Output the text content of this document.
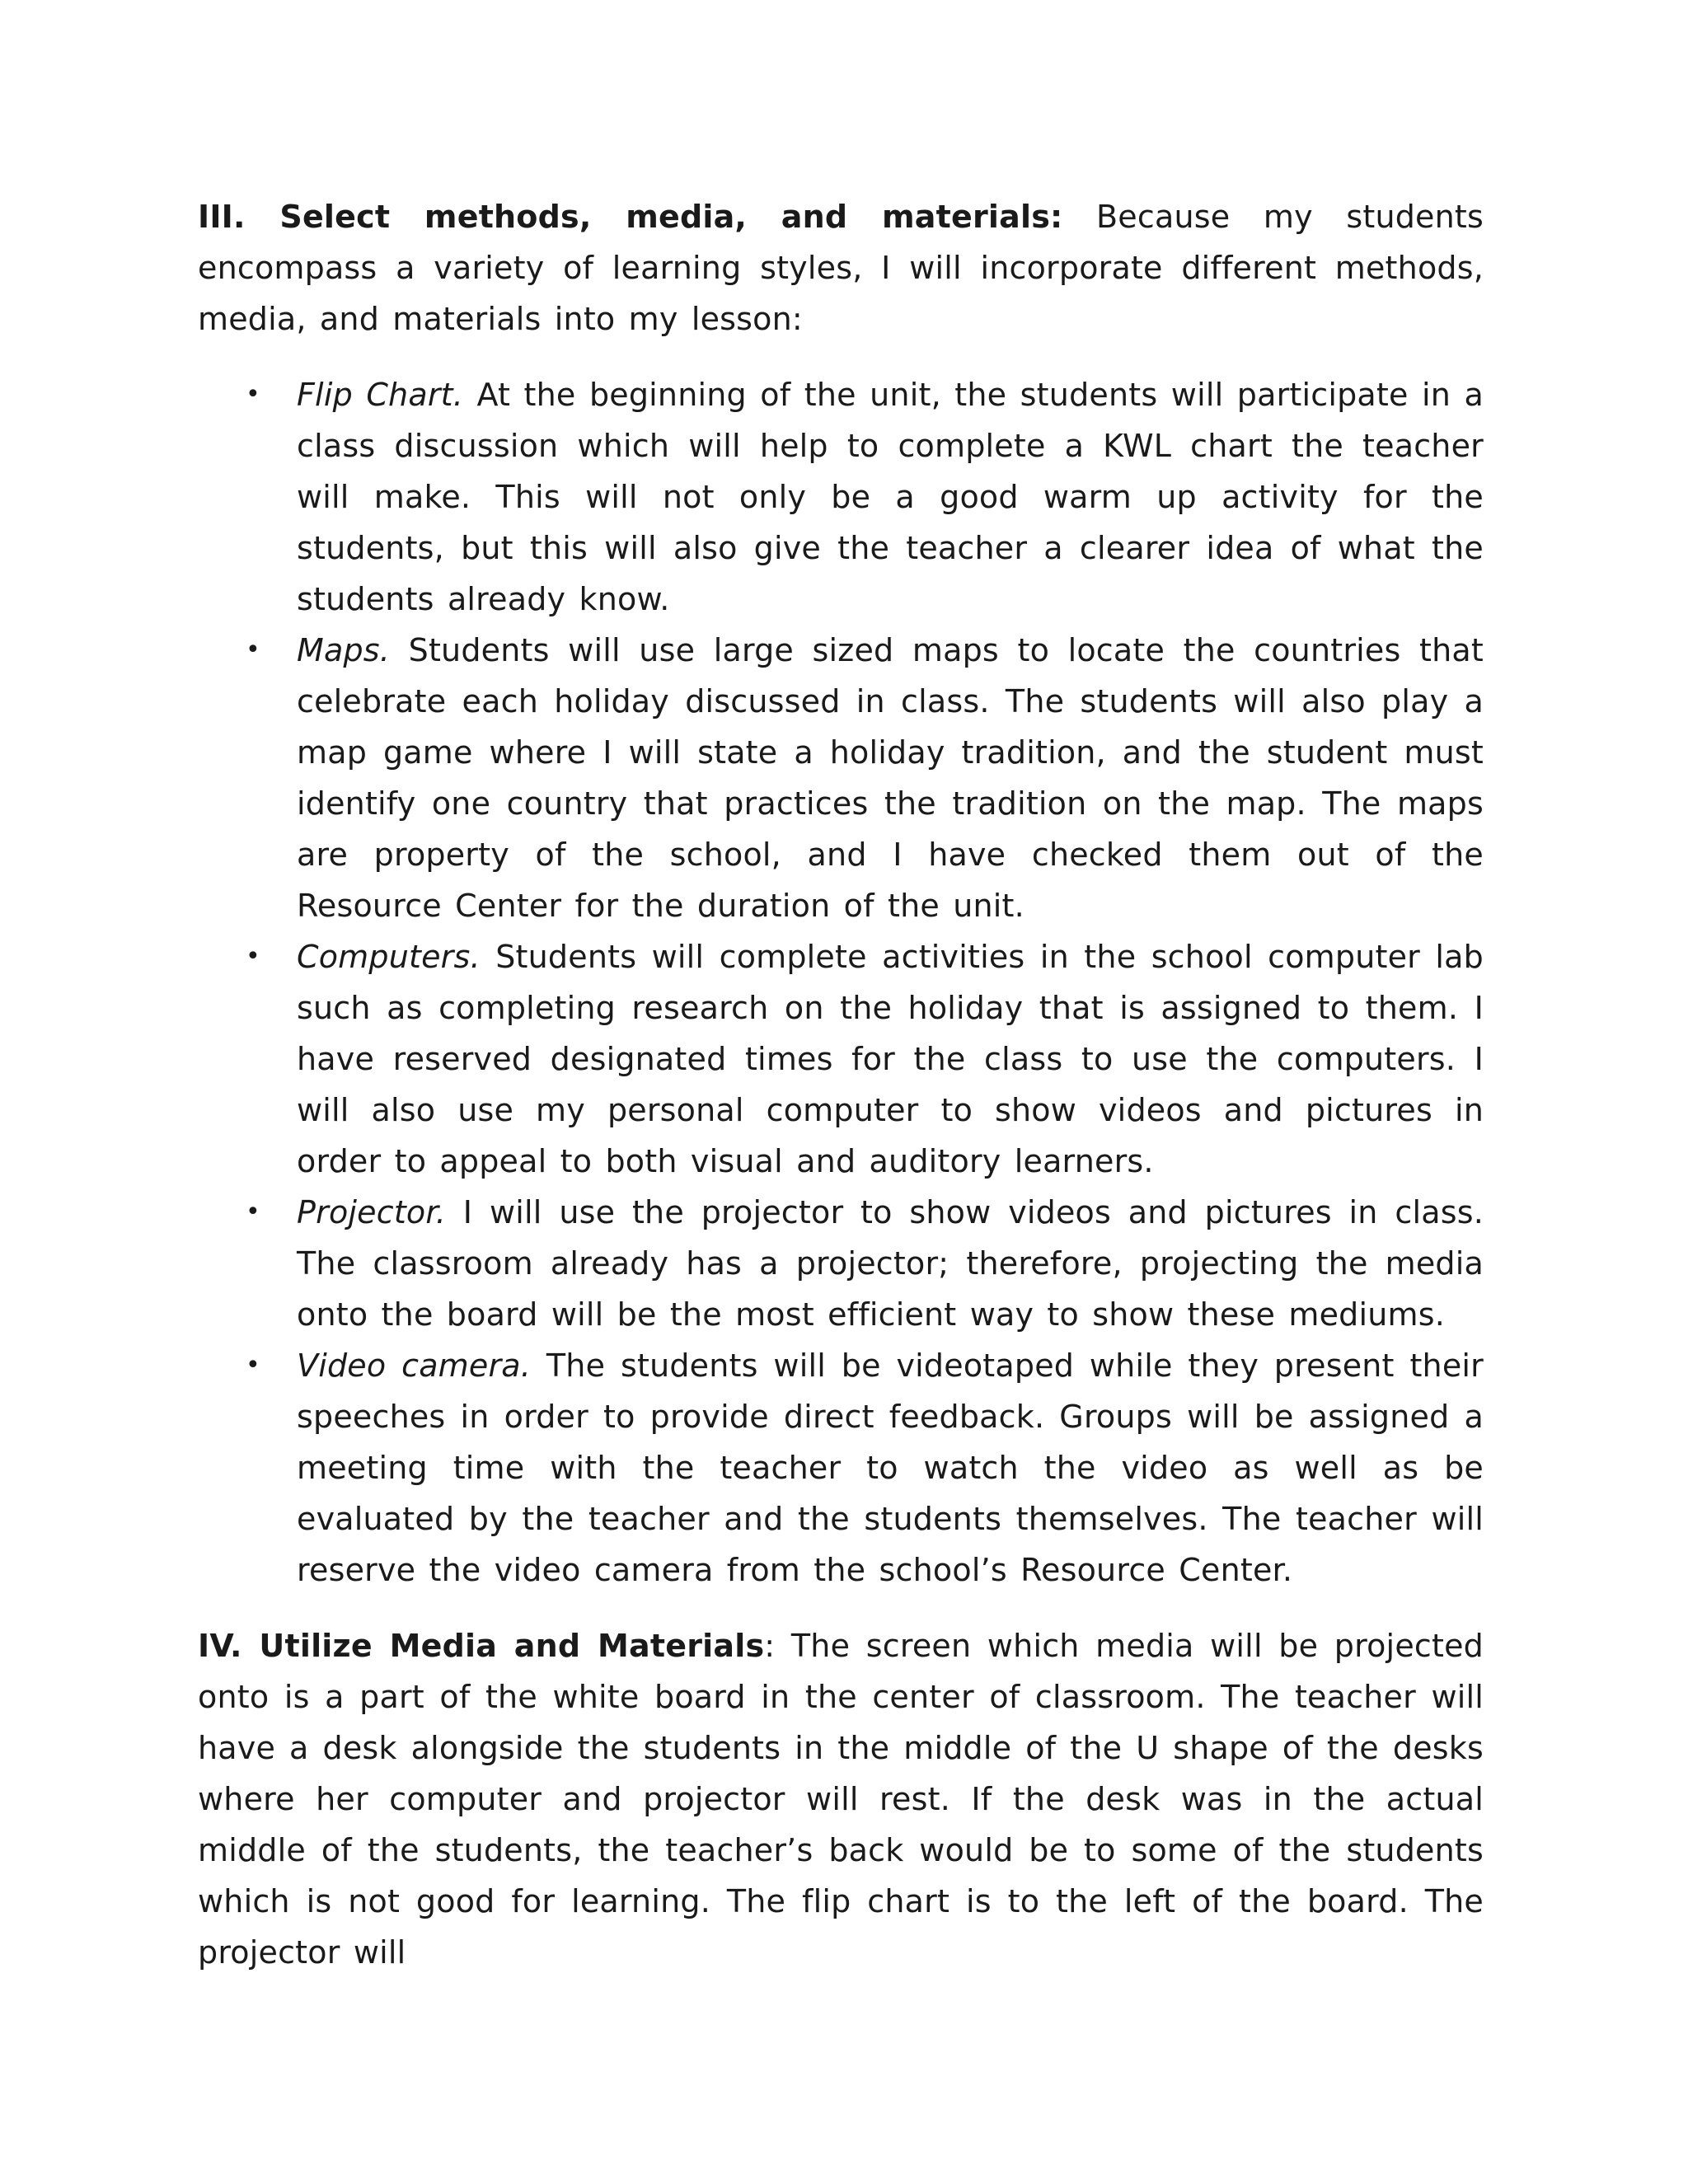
III. Select methods, media, and materials: Because my students encompass a variety of learning styles, I will incorporate different methods, media, and materials into my lesson:

• Flip Chart. At the beginning of the unit, the students will participate in a class discussion which will help to complete a KWL chart the teacher will make. This will not only be a good warm up activity for the students, but this will also give the teacher a clearer idea of what the students already know.
• Maps. Students will use large sized maps to locate the countries that celebrate each holiday discussed in class. The students will also play a map game where I will state a holiday tradition, and the student must identify one country that practices the tradition on the map. The maps are property of the school, and I have checked them out of the Resource Center for the duration of the unit.
• Computers. Students will complete activities in the school computer lab such as completing research on the holiday that is assigned to them. I have reserved designated times for the class to use the computers. I will also use my personal computer to show videos and pictures in order to appeal to both visual and auditory learners.
• Projector. I will use the projector to show videos and pictures in class. The classroom already has a projector; therefore, projecting the media onto the board will be the most efficient way to show these mediums.
• Video camera. The students will be videotaped while they present their speeches in order to provide direct feedback. Groups will be assigned a meeting time with the teacher to watch the video as well as be evaluated by the teacher and the students themselves. The teacher will reserve the video camera from the school’s Resource Center.

IV. Utilize Media and Materials: The screen which media will be projected onto is a part of the white board in the center of classroom. The teacher will have a desk alongside the students in the middle of the U shape of the desks where her computer and projector will rest. If the desk was in the actual middle of the students, the teacher’s back would be to some of the students which is not good for learning. The flip chart is to the left of the board. The projector will
